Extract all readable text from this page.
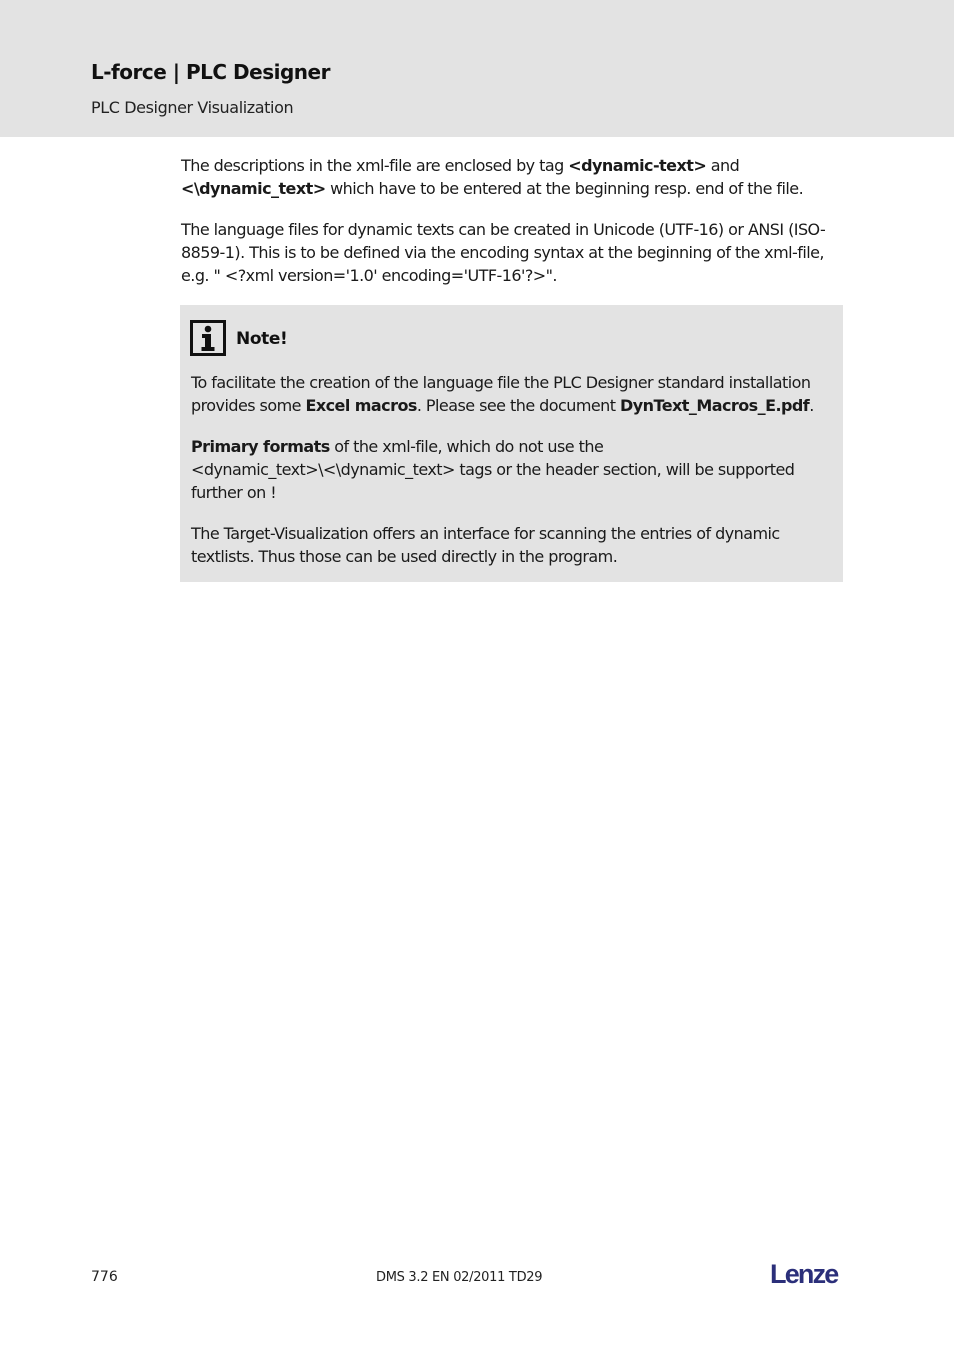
L-force | PLC Designer
PLC Designer Visualization
The descriptions in the xml-file are enclosed by tag <dynamic-text> and
<\dynamic_text> which have to be entered at the beginning resp. end of the file.
The language files for dynamic texts can be created in Unicode (UTF-16) or ANSI (ISO-
8859-1). This is to be defined via the encoding syntax at the beginning of the xml-file,
e.g. " <?xml version='1.0' encoding='UTF-16'?>".
Note!
To facilitate the creation of the language file the PLC Designer standard installation
provides some Excel macros. Please see the document DynText_Macros_E.pdf.
Primary formats of the xml-file, which do not use the
<dynamic_text>\<\dynamic_text> tags or the header section, will be supported
further on !
The Target-Visualization offers an interface for scanning the entries of dynamic
textlists. Thus those can be used directly in the program.
776	DMS 3.2 EN 02/2011 TD29	Lenze
